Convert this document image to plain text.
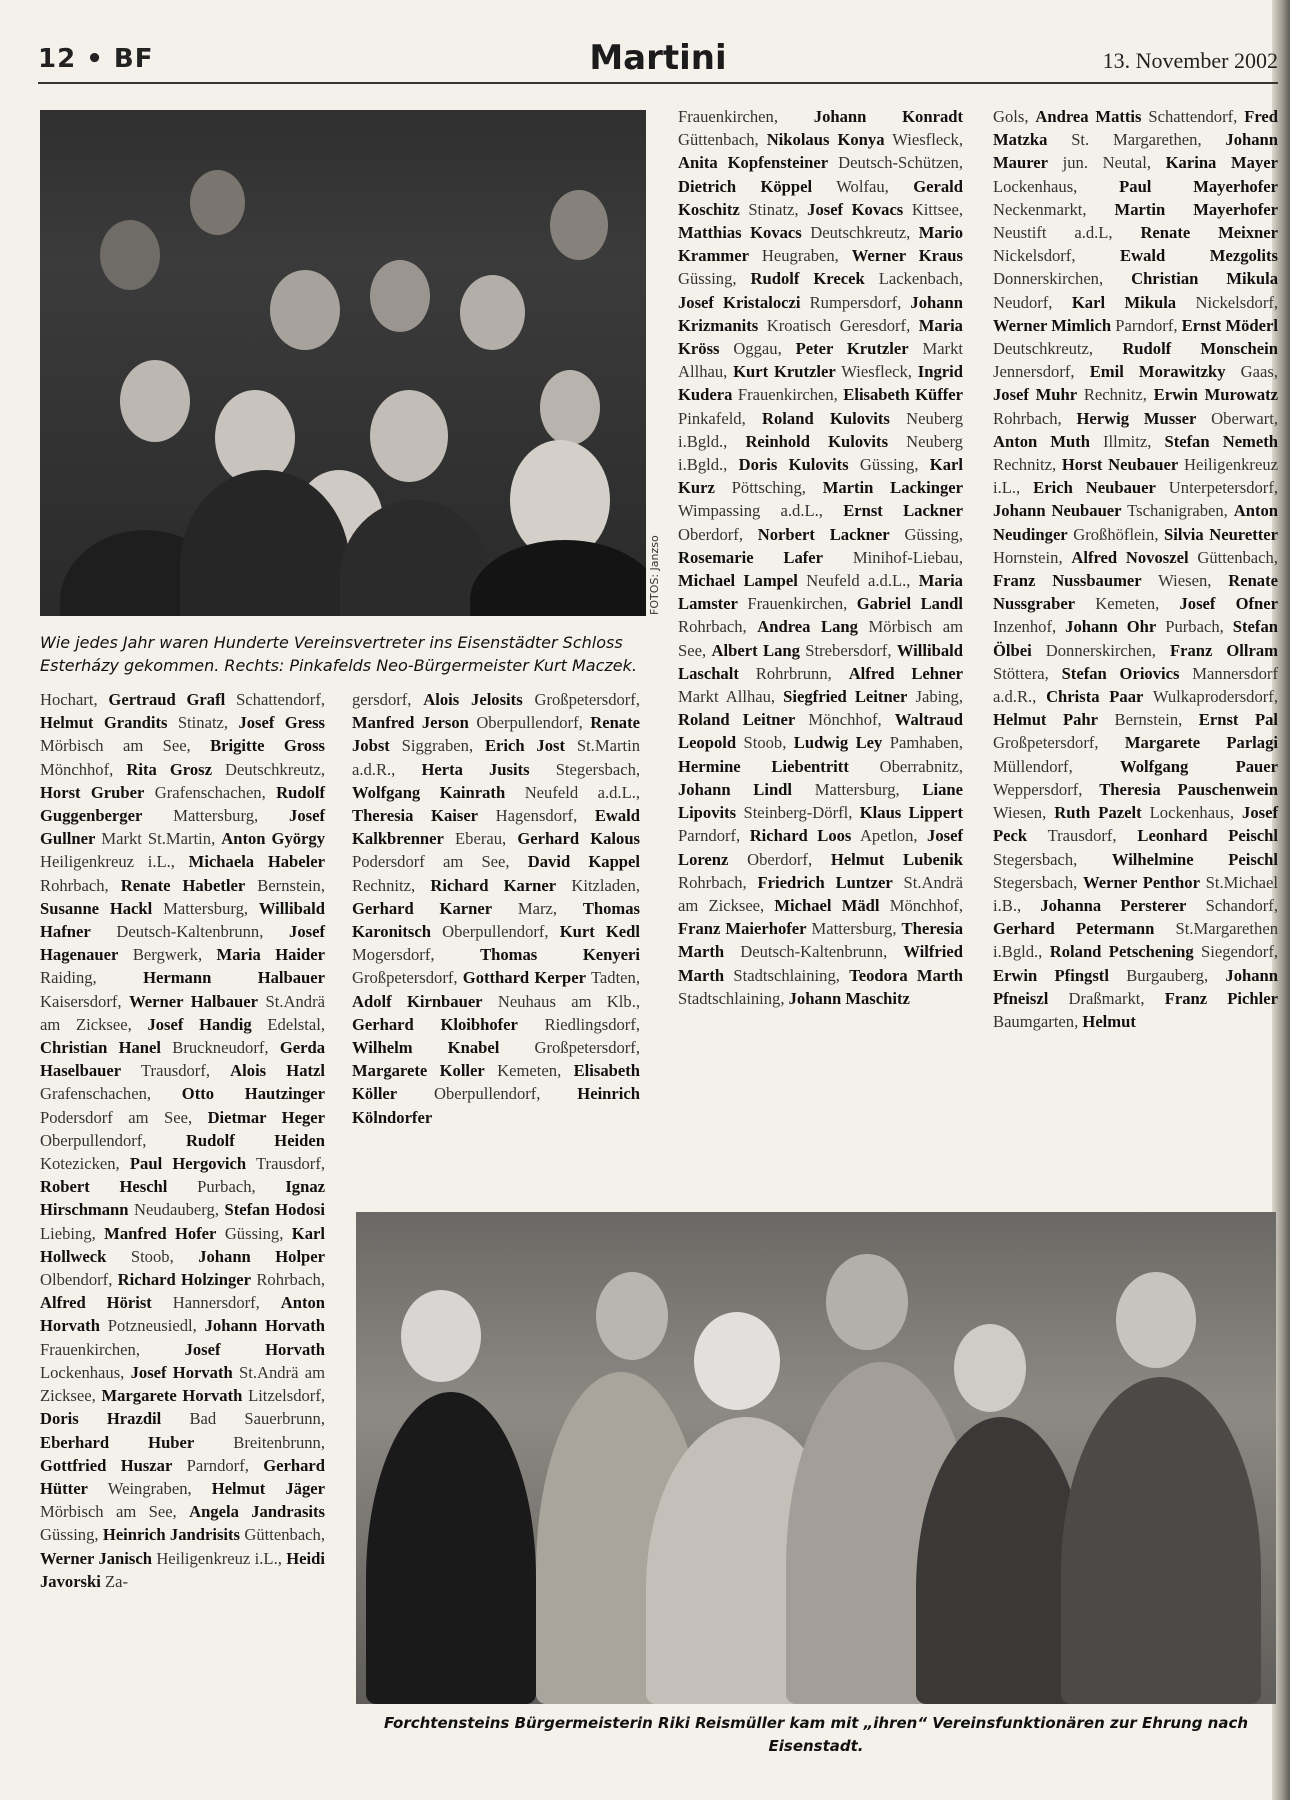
12 • BF	Martini	13. November 2002
FOTOS: Janzso
Wie jedes Jahr waren Hunderte Vereinsvertreter ins Eisenstädter Schloss Esterházy gekommen. Rechts: Pinkafelds Neo-Bürgermeister Kurt Maczek.
Hochart, Gertraud Grafl Schattendorf, Helmut Grandits Stinatz, Josef Gress Mörbisch am See, Brigitte Gross Mönchhof, Rita Grosz Deutschkreutz, Horst Gruber Grafenschachen, Rudolf Guggenberger Mattersburg, Josef Gullner Markt St.Martin, Anton György Heiligenkreuz i.L., Michaela Habeler Rohrbach, Renate Habetler Bernstein, Susanne Hackl Mattersburg, Willibald Hafner Deutsch-Kaltenbrunn, Josef Hagenauer Bergwerk, Maria Haider Raiding,	Hermann Halbauer Kaisersdorf, Werner Halbauer St.Andrä am Zicksee, Josef Handig Edelstal, Christian Hanel Bruckneudorf, Gerda Haselbauer Trausdorf, Alois Hatzl Grafenschachen, Otto Hautzinger Podersdorf am See, Dietmar Heger Oberpullendorf, Rudolf Heiden Kotezicken, Paul Hergovich Trausdorf, Robert Heschl Purbach, Ignaz Hirschmann Neudauberg, Stefan Hodosi Liebing, Manfred Hofer Güssing, Karl Hollweck Stoob, Johann Holper Olbendorf, Richard Holzinger Rohrbach, Alfred Hörist Hannersdorf, Anton Horvath Potzneusiedl, Johann Horvath Frauenkirchen,	Josef Horvath Lockenhaus, Josef Horvath St.Andrä am Zicksee, Margarete Horvath Litzelsdorf, Doris Hrazdil Bad Sauerbrunn, Eberhard Huber Breitenbrunn, Gottfried Huszar Parndorf, Gerhard Hütter Weingraben, Helmut Jäger Mörbisch am See, Angela Jandrasits Güssing, Heinrich Jandrisits Güttenbach, Werner Janisch Heiligenkreuz i.L., Heidi Javorski Za-
gersdorf, Alois Jelosits Großpetersdorf, Manfred Jerson Oberpullendorf, Renate Jobst Siggraben, Erich Jost St.Martin a.d.R., Herta Jusits Stegersbach, Wolfgang Kainrath Neufeld a.d.L., Theresia Kaiser Hagensdorf, Ewald Kalkbrenner Eberau, Gerhard Kalous Podersdorf am See, David Kappel Rechnitz, Richard Karner Kitzladen, Gerhard Karner Marz, Thomas Karonitsch Oberpullendorf, Kurt Kedl Mogersdorf,	Thomas Kenyeri Großpetersdorf, Gotthard Kerper Tadten, Adolf Kirnbauer Neuhaus am Klb., Gerhard Kloibhofer Riedlingsdorf, Wilhelm Knabel Großpetersdorf, Margarete Koller Kemeten, Elisabeth Köller Oberpullendorf, Heinrich Kölndorfer
Frauenkirchen, Johann Konradt Güttenbach, Nikolaus Konya Wiesfleck, Anita Kopfensteiner Deutsch-Schützen, Dietrich Köppel Wolfau, Gerald Koschitz Stinatz, Josef Kovacs Kittsee, Matthias Kovacs Deutschkreutz, Mario Krammer Heugraben, Werner Kraus Güssing, Rudolf Krecek Lackenbach, Josef Kristaloczi Rumpersdorf, Johann Krizmanits Kroatisch Geresdorf, Maria Kröss Oggau, Peter Krutzler Markt Allhau, Kurt Krutzler Wiesfleck, Ingrid Kudera Frauenkirchen, Elisabeth Küffer Pinkafeld, Roland Kulovits Neuberg i.Bgld., Reinhold Kulovits Neuberg i.Bgld., Doris Kulovits Güssing, Karl Kurz Pöttsching, Martin Lackinger Wimpassing a.d.L., Ernst Lackner Oberdorf, Norbert Lackner Güssing, Rosemarie Lafer Minihof-Liebau, Michael Lampel Neufeld a.d.L., Maria Lamster Frauenkirchen, Gabriel Landl Rohrbach, Andrea Lang Mörbisch am See, Albert Lang Strebersdorf, Willibald Laschalt Rohrbrunn, Alfred Lehner Markt Allhau, Siegfried Leitner Jabing, Roland Leitner Mönchhof, Waltraud Leopold Stoob, Ludwig Ley Pamhaben, Hermine Liebentritt Oberrabnitz, Johann Lindl Mattersburg, Liane Lipovits Steinberg-Dörfl, Klaus Lippert Parndorf, Richard Loos Apetlon, Josef Lorenz Oberdorf, Helmut Lubenik Rohrbach, Friedrich Luntzer St.Andrä am Zicksee, Michael Mädl Mönchhof, Franz Maierhofer Mattersburg, Theresia Marth Deutsch-Kaltenbrunn, Wilfried Marth Stadtschlaining, Teodora Marth Stadtschlaining, Johann Maschitz
Gols, Andrea Mattis Schattendorf, Fred Matzka St. Margarethen, Johann Maurer jun. Neutal, Karina Mayer Lockenhaus,	Paul Mayerhofer Neckenmarkt, Martin Mayerhofer Neustift a.d.L, Renate Meixner Nickelsdorf,	Ewald Mezgolits Donnerskirchen, Christian Mikula Neudorf, Karl Mikula Nickelsdorf, Werner Mimlich Parndorf, Ernst Möderl Deutschkreutz, Rudolf Monschein Jennersdorf, Emil Morawitzky Gaas, Josef Muhr Rechnitz, Erwin Murowatz Rohrbach, Herwig Musser Oberwart, Anton Muth Illmitz, Stefan Nemeth Rechnitz, Horst Neubauer Heiligenkreuz i.L., Erich Neubauer Unterpetersdorf, Johann Neubauer Tschanigraben, Anton Neudinger Großhöflein, Silvia Neuretter Hornstein, Alfred Novoszel Güttenbach, Franz Nussbaumer Wiesen, Renate Nussgraber Kemeten, Josef Ofner Inzenhof, Johann Ohr Purbach, Stefan Ölbei Donnerskirchen, Franz Ollram Stöttera, Stefan Oriovics Mannersdorf a.d.R., Christa Paar Wulkaprodersdorf, Helmut Pahr Bernstein, Ernst Pal Großpetersdorf, Margarete Parlagi Müllendorf,	Wolfgang Pauer Weppersdorf, Theresia Pauschenwein Wiesen, Ruth Pazelt Lockenhaus, Josef Peck Trausdorf, Leonhard Peischl Stegersbach, Wilhelmine Peischl Stegersbach, Werner Penthor St.Michael i.B., Johanna Persterer Schandorf, Gerhard Petermann St.Margarethen i.Bgld., Roland Petschening Siegendorf, Erwin Pfingstl Burgauberg, Johann Pfneiszl Draßmarkt, Franz Pichler Baumgarten, Helmut
Forchtensteins Bürgermeisterin Riki Reismüller kam mit „ihren“ Vereinsfunktionären zur Ehrung nach Eisenstadt.
